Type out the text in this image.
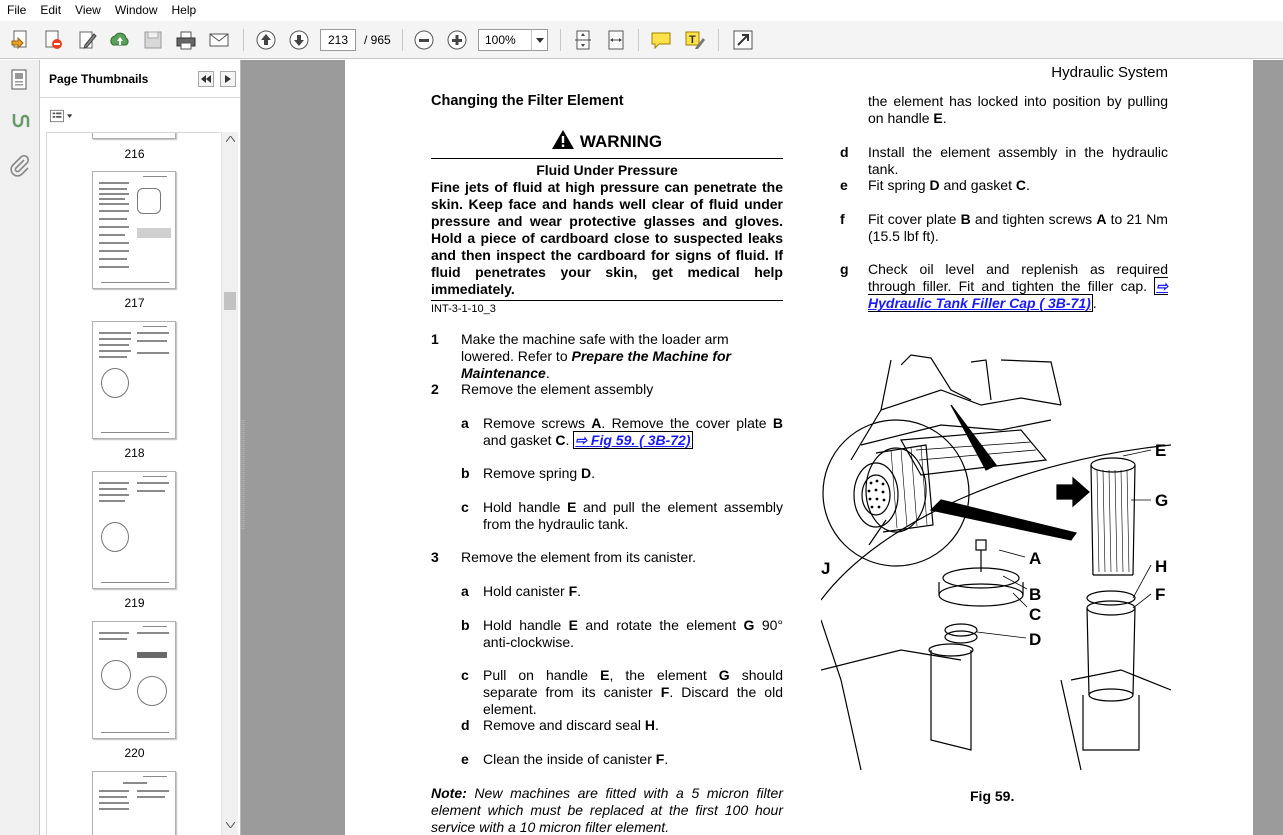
File	Edit	View	Window	Help
213	/ 965	100%	T
Page Thumbnails
216
217
218
219
220
Hydraulic System
Changing the Filter Element
WARNING
Fluid Under Pressure
Fine jets of fluid at high pressure can penetrate the skin. Keep face and hands well clear of fluid under pressure and wear protective glasses and gloves. Hold a piece of cardboard close to suspected leaks and then inspect the cardboard for signs of fluid. If fluid penetrates your skin, get medical help immediately.
INT-3-1-10_3
1 Make the machine safe with the loader arm lowered. Refer to Prepare the Machine for Maintenance.
2 Remove the element assembly
a Remove screws A. Remove the cover plate B and gasket C. ⇨ Fig 59. ( 3B-72)
b Remove spring D.
c Hold handle E and pull the element assembly from the hydraulic tank.
3 Remove the element from its canister.
a Hold canister F.
b Hold handle E and rotate the element G 90° anti-clockwise.
c Pull on handle E, the element G should separate from its canister F. Discard the old element.
d Remove and discard seal H.
e Clean the inside of canister F.
Note: New machines are fitted with a 5 micron filter element which must be replaced at the first 100 hour service with a 10 micron filter element.
the element has locked into position by pulling on handle E.
d Install the element assembly in the hydraulic tank.
e Fit spring D and gasket C.
f Fit cover plate B and tighten screws A to 21 Nm (15.5 lbf ft).
g Check oil level and replenish as required through filler. Fit and tighten the filler cap. ⇨ Hydraulic Tank Filler Cap ( 3B-71) .
E
G
A
J
B
C
H
F
D
Fig 59.
